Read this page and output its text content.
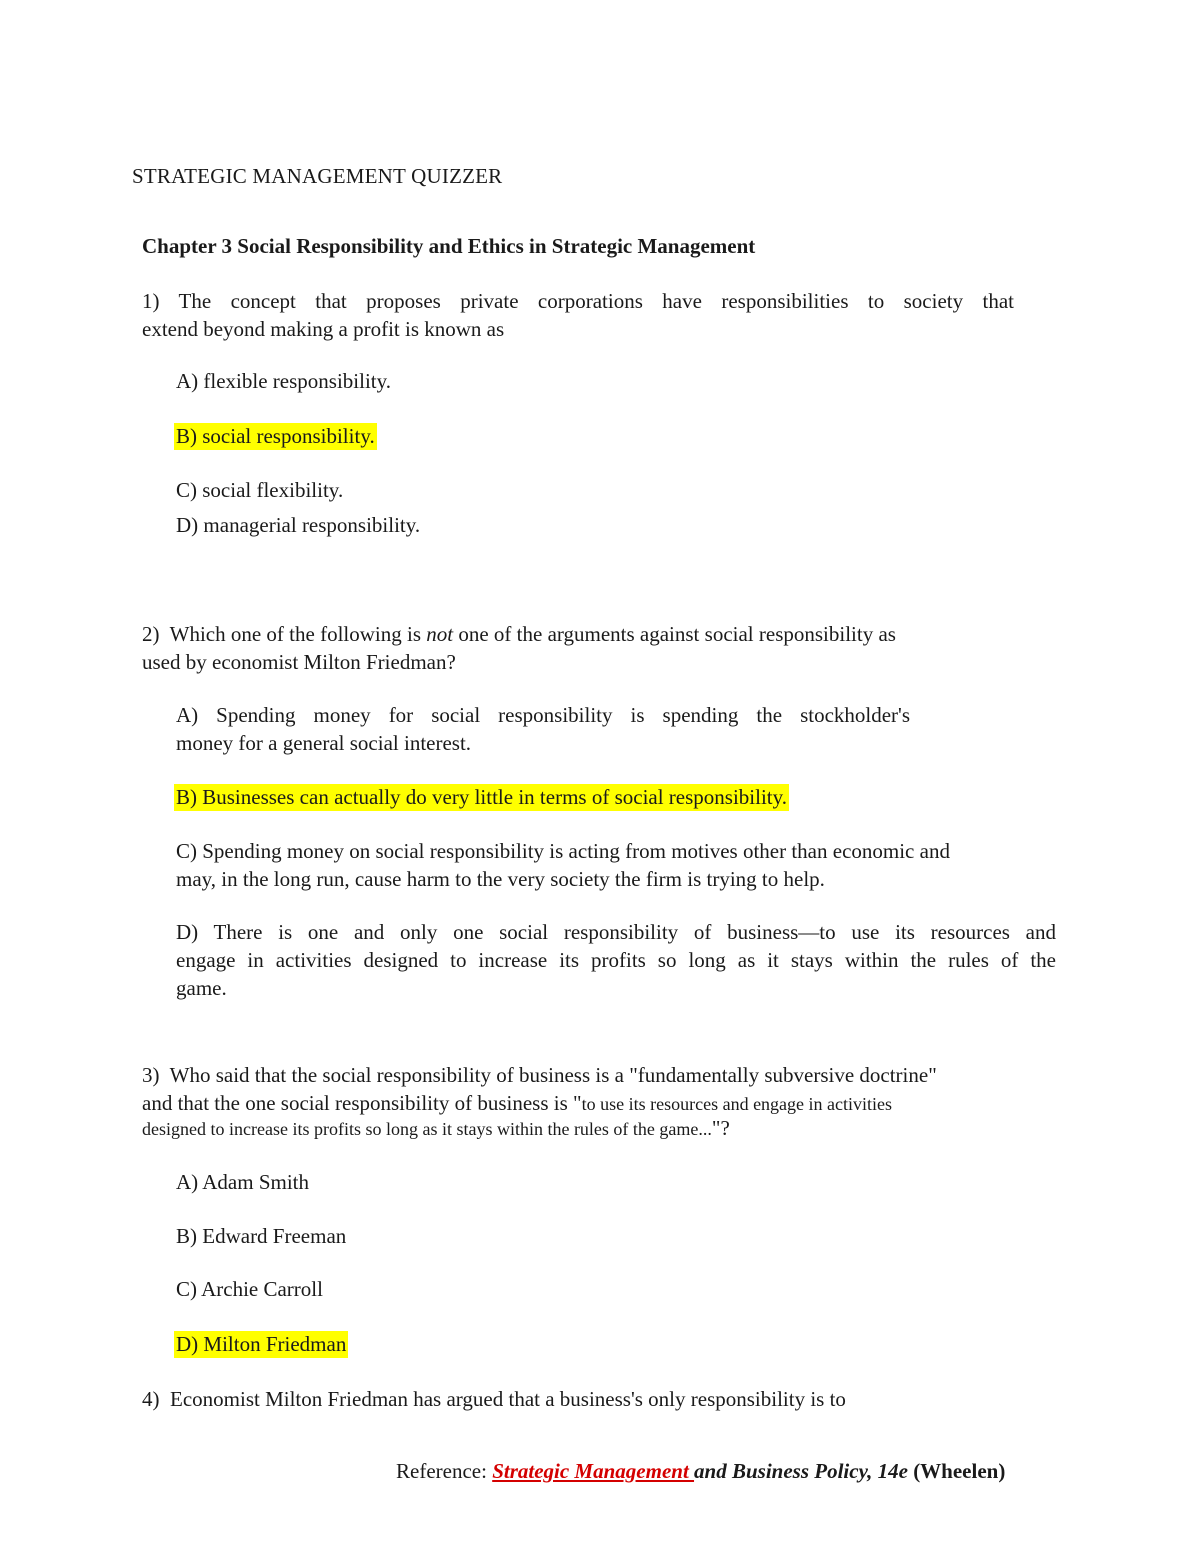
STRATEGIC MANAGEMENT QUIZZER
Chapter 3 Social Responsibility and Ethics in Strategic Management
1) The concept that proposes private corporations have responsibilities to society that
extend beyond making a profit is known as
A) flexible responsibility.
B) social responsibility.
C) social flexibility.
D) managerial responsibility.
2) Which one of the following is not one of the arguments against social responsibility as
used by economist Milton Friedman?
A) Spending money for social responsibility is spending the stockholder's
money for a general social interest.
B) Businesses can actually do very little in terms of social responsibility.
C) Spending money on social responsibility is acting from motives other than economic and
may, in the long run, cause harm to the very society the firm is trying to help.
D) There is one and only one social responsibility of business—to use its resources and
engage in activities designed to increase its profits so long as it stays within the rules of the
game.
3) Who said that the social responsibility of business is a "fundamentally subversive doctrine"
and that the one social responsibility of business is "to use its resources and engage in activities
designed to increase its profits so long as it stays within the rules of the game..."?
A) Adam Smith
B) Edward Freeman
C) Archie Carroll
D) Milton Friedman
4) Economist Milton Friedman has argued that a business's only responsibility is to
Reference: Strategic Management and Business Policy, 14e (Wheelen)
